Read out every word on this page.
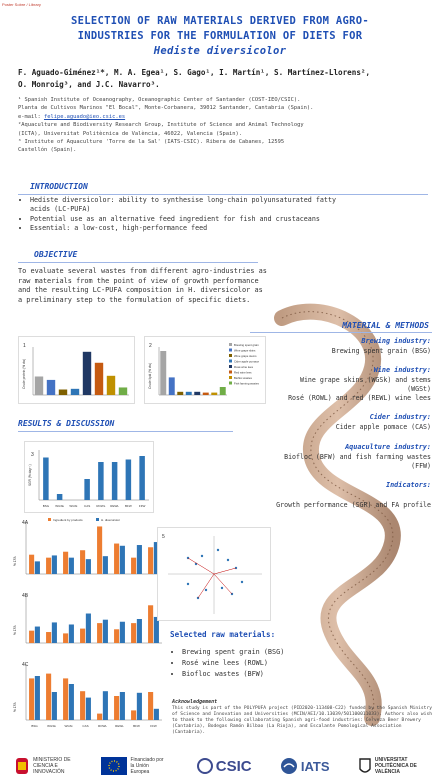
Poster Sobre / Library
SELECTION OF RAW MATERIALS DERIVED FROM AGRO-
INDUSTRIES FOR THE FORMULATION OF DIETS FOR
Hediste diversicolor
F. Aguado-Giménez¹*, M. A. Egea¹, S. Gago¹, I. Martín¹, S. Martínez-Llorens²,
O. Monroig³, and J.C. Navarro³.
¹ Spanish Institute of Oceanography, Oceanographic Center of Santander (COST-IEO/CSIC).
Planta de Cultivos Marinos "El Bocal", Monte-Corbanera, 39012 Santander, Cantabria (Spain).
e-mail: felipe.aguado@ieo.csic.es
²Aquaculture and Biodiversity Research Group, Institute of Science and Animal Technology
(ICTA), Universitat Politècnica de València, 46022, Valencia (Spain).
³ Institute of Aquaculture 'Torre de la Sal' (IATS-CSIC). Ribera de Cabanes, 12595
Castellón (Spain).
INTRODUCTION
• Hediste diversicolor: ability to synthesise long-chain polyunsaturated fatty acids (LC-PUFA)
• Potential use as an alternative feed ingredient for fish and crustaceans
• Essential: a low-cost, high-performance feed
OBJECTIVE
To evaluate several wastes from different agro-industries as raw materials from the point of view of growth performance and the resulting LC-PUFA composition in H. diversicolor as a preliminary step to the formulation of specific diets.
MATERIAL & METHODS
Brewing industry:
Brewing spent grain (BSG)
Wine industry:
Wine grape skins (WGSk) and stems
(WGSt)
Rosé (ROWL) and red (REWL) wine lees
Cider industry:
Cider apple pomace (CAS)
Aquaculture industry:
Biofloc (BFW) and fish farming wastes
(FFW)
Indicators:
Growth performance (SGR) and FA profile
1
Crude protein (% dw)
2
Crude lipid (% dw)
Brewing spent grain
Wine grape skins
Wine grape stems
Cider apple pomace
Rosé wine lees
Red wine lees
Biofloc wastes
Fish farming wastes
RESULTS & DISCUSSION
3
SGR (% day⁻¹)
BSG WGSk WGSt CAS ROWL REWL BFW FFW
4A
% ΣFA
Ingredient by products	H. diversicolor
4B
% ΣFA
4C
% ΣFA
BSG	WGSk	WGSt	CAS	ROWL	REWL	BFW	FFW
5
Selected raw materials:
• Brewing spent grain (BSG)
• Rosé wine lees (ROWL)
• Biofloc wastes (BFW)
Acknowledgement
This study is part of the POLYPUFA project (PID2020-113408-C22) funded by the Spanish Ministry of Science and Innovation and Universities (MCIN/AEI/10.13039/501100011033). Authors also wish to thank to the following collaborating Spanish agri-food industries: Cerveza Beer Brewery (Cantabria), Bodegas Ramón Bilbao (La Rioja), and Escalante Pomological Association (Cantabria).
MINISTERIO DE CIENCIA E INNOVACIÓN
Financiado por la Unión Europea	CSIC	IATS	UNIVERSITAT POLITÈCNICA DE VALÈNCIA
